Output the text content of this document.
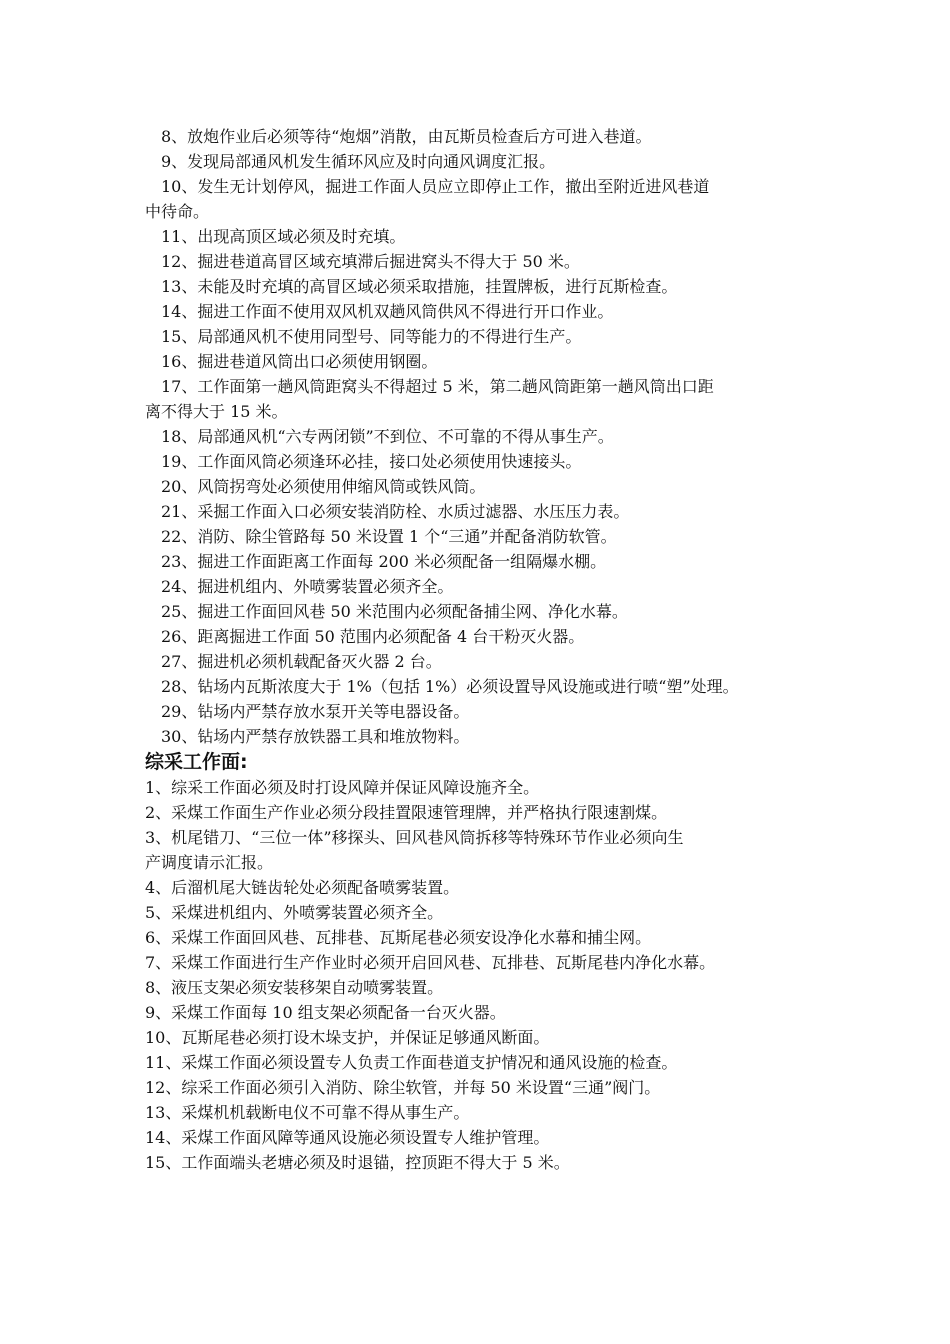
8、放炮作业后必须等待“炮烟”消散，由瓦斯员检查后方可进入巷道。
9、发现局部通风机发生循环风应及时向通风调度汇报。
10、发生无计划停风，掘进工作面人员应立即停止工作，撤出至附近进风巷道
中待命。
11、出现高顶区域必须及时充填。
12、掘进巷道高冒区域充填滞后掘进窝头不得大于 50 米。
13、未能及时充填的高冒区域必须采取措施，挂置牌板，进行瓦斯检查。
14、掘进工作面不使用双风机双趟风筒供风不得进行开口作业。
15、局部通风机不使用同型号、同等能力的不得进行生产。
16、掘进巷道风筒出口必须使用钢圈。
17、工作面第一趟风筒距窝头不得超过 5 米，第二趟风筒距第一趟风筒出口距
离不得大于 15 米。
18、局部通风机“六专两闭锁”不到位、不可靠的不得从事生产。
19、工作面风筒必须逢环必挂，接口处必须使用快速接头。
20、风筒拐弯处必须使用伸缩风筒或铁风筒。
21、采掘工作面入口必须安装消防栓、水质过滤器、水压压力表。
22、消防、除尘管路每 50 米设置 1 个“三通”并配备消防软管。
23、掘进工作面距离工作面每 200 米必须配备一组隔爆水棚。
24、掘进机组内、外喷雾装置必须齐全。
25、掘进工作面回风巷 50 米范围内必须配备捕尘网、净化水幕。
26、距离掘进工作面 50 范围内必须配备 4 台干粉灭火器。
27、掘进机必须机载配备灭火器 2 台。
28、钻场内瓦斯浓度大于 1%（包括 1%）必须设置导风设施或进行喷“塑”处理。
29、钻场内严禁存放水泵开关等电器设备。
30、钻场内严禁存放铁器工具和堆放物料。
综采工作面:
1、综采工作面必须及时打设风障并保证风障设施齐全。
2、采煤工作面生产作业必须分段挂置限速管理牌，并严格执行限速割煤。
3、机尾错刀、“三位一体”移探头、回风巷风筒拆移等特殊环节作业必须向生
产调度请示汇报。
4、后溜机尾大链齿轮处必须配备喷雾装置。
5、采煤进机组内、外喷雾装置必须齐全。
6、采煤工作面回风巷、瓦排巷、瓦斯尾巷必须安设净化水幕和捕尘网。
7、采煤工作面进行生产作业时必须开启回风巷、瓦排巷、瓦斯尾巷内净化水幕。
8、液压支架必须安装移架自动喷雾装置。
9、采煤工作面每 10 组支架必须配备一台灭火器。
10、瓦斯尾巷必须打设木垛支护，并保证足够通风断面。
11、采煤工作面必须设置专人负责工作面巷道支护情况和通风设施的检查。
12、综采工作面必须引入消防、除尘软管，并每 50 米设置“三通”阀门。
13、采煤机机载断电仪不可靠不得从事生产。
14、采煤工作面风障等通风设施必须设置专人维护管理。
15、工作面端头老塘必须及时退锚，控顶距不得大于 5 米。
